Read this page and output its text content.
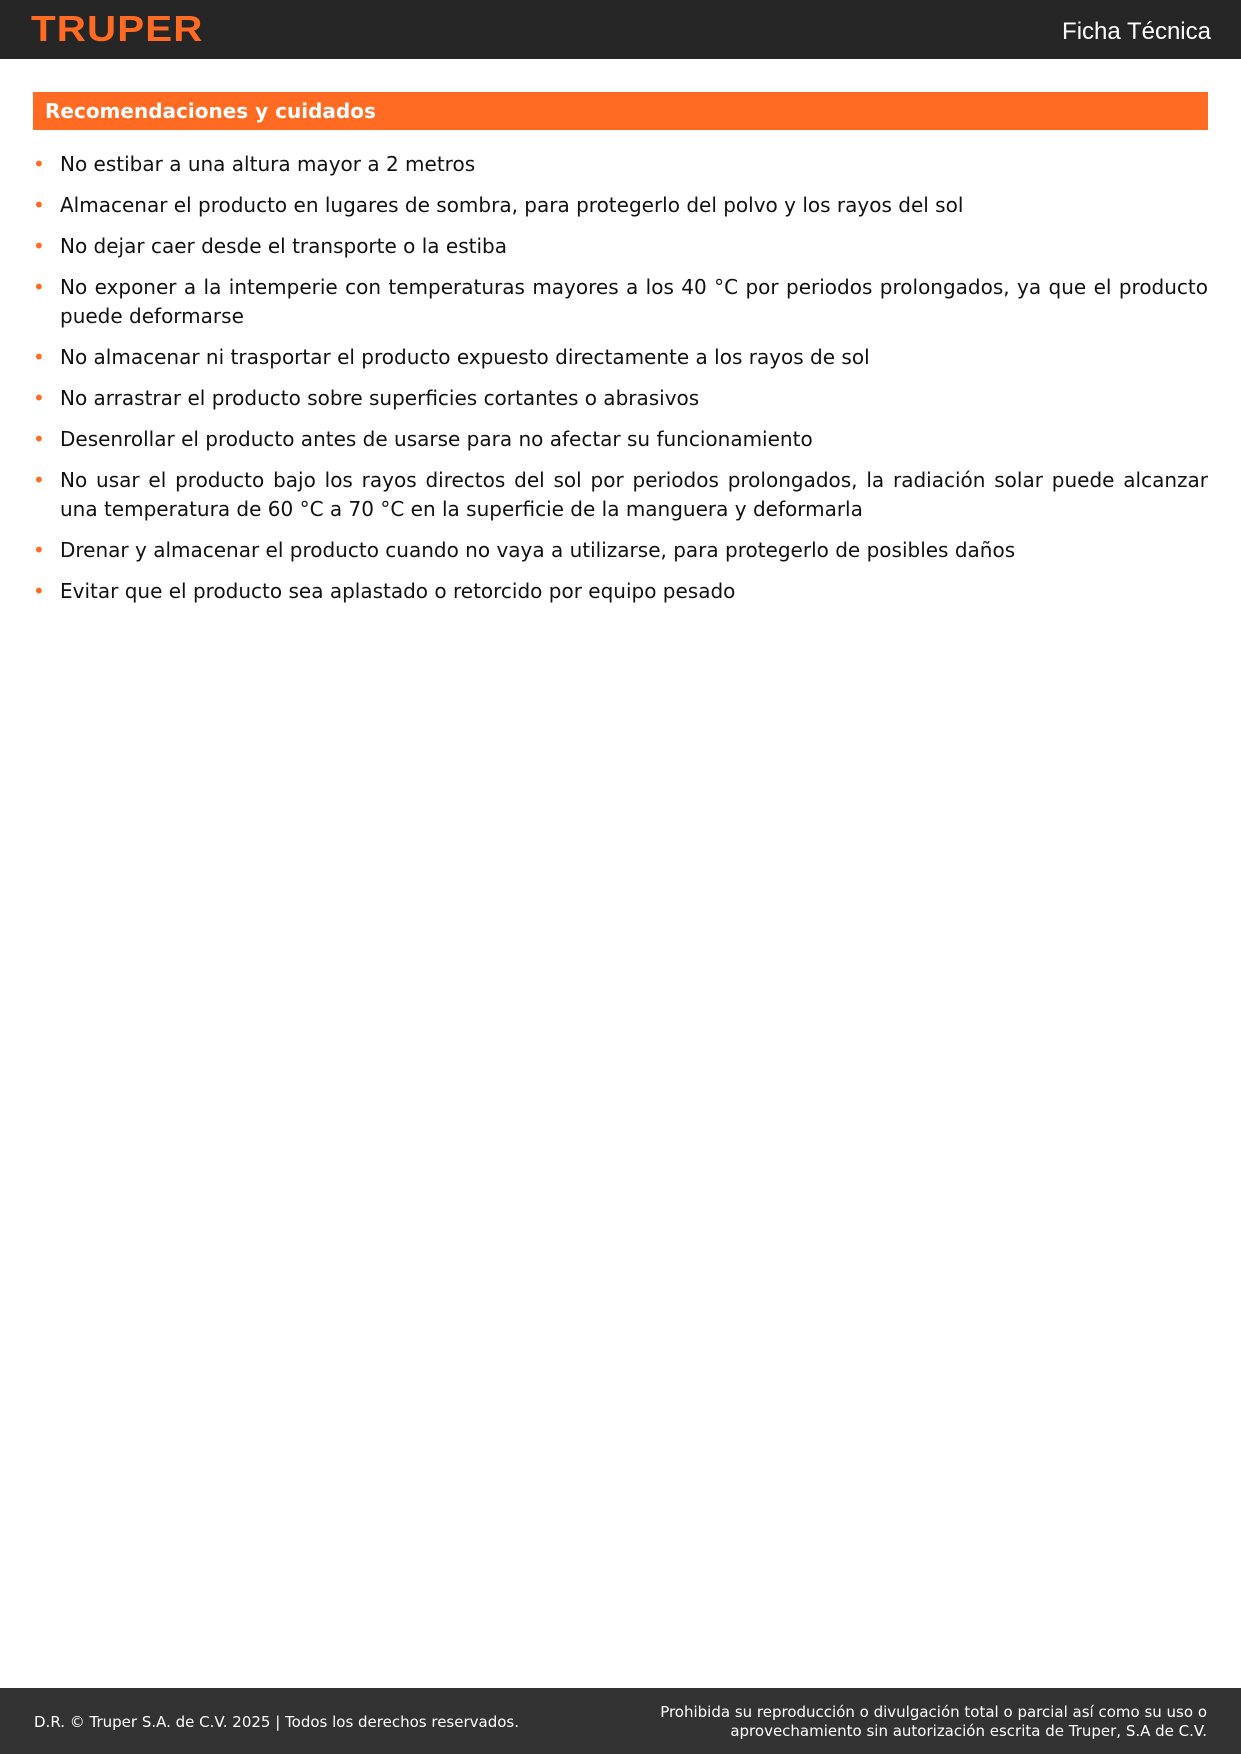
TRUPER	Ficha Técnica
Recomendaciones y cuidados
• No estibar a una altura mayor a 2 metros
• Almacenar el producto en lugares de sombra, para protegerlo del polvo y los rayos del sol
• No dejar caer desde el transporte o la estiba
• No exponer a la intemperie con temperaturas mayores a los 40 °C por periodos prolongados, ya que el producto puede deformarse
• No almacenar ni trasportar el producto expuesto directamente a los rayos de sol
• No arrastrar el producto sobre superficies cortantes o abrasivos
• Desenrollar el producto antes de usarse para no afectar su funcionamiento
• No usar el producto bajo los rayos directos del sol por periodos prolongados, la radiación solar puede alcanzar una temperatura de 60 °C a 70 °C en la superficie de la manguera y deformarla
• Drenar y almacenar el producto cuando no vaya a utilizarse, para protegerlo de posibles daños
• Evitar que el producto sea aplastado o retorcido por equipo pesado
D.R. © Truper S.A. de C.V. 2025 | Todos los derechos reservados.
Prohibida su reproducción o divulgación total o parcial así como su uso o aprovechamiento sin autorización escrita de Truper, S.A de C.V.
